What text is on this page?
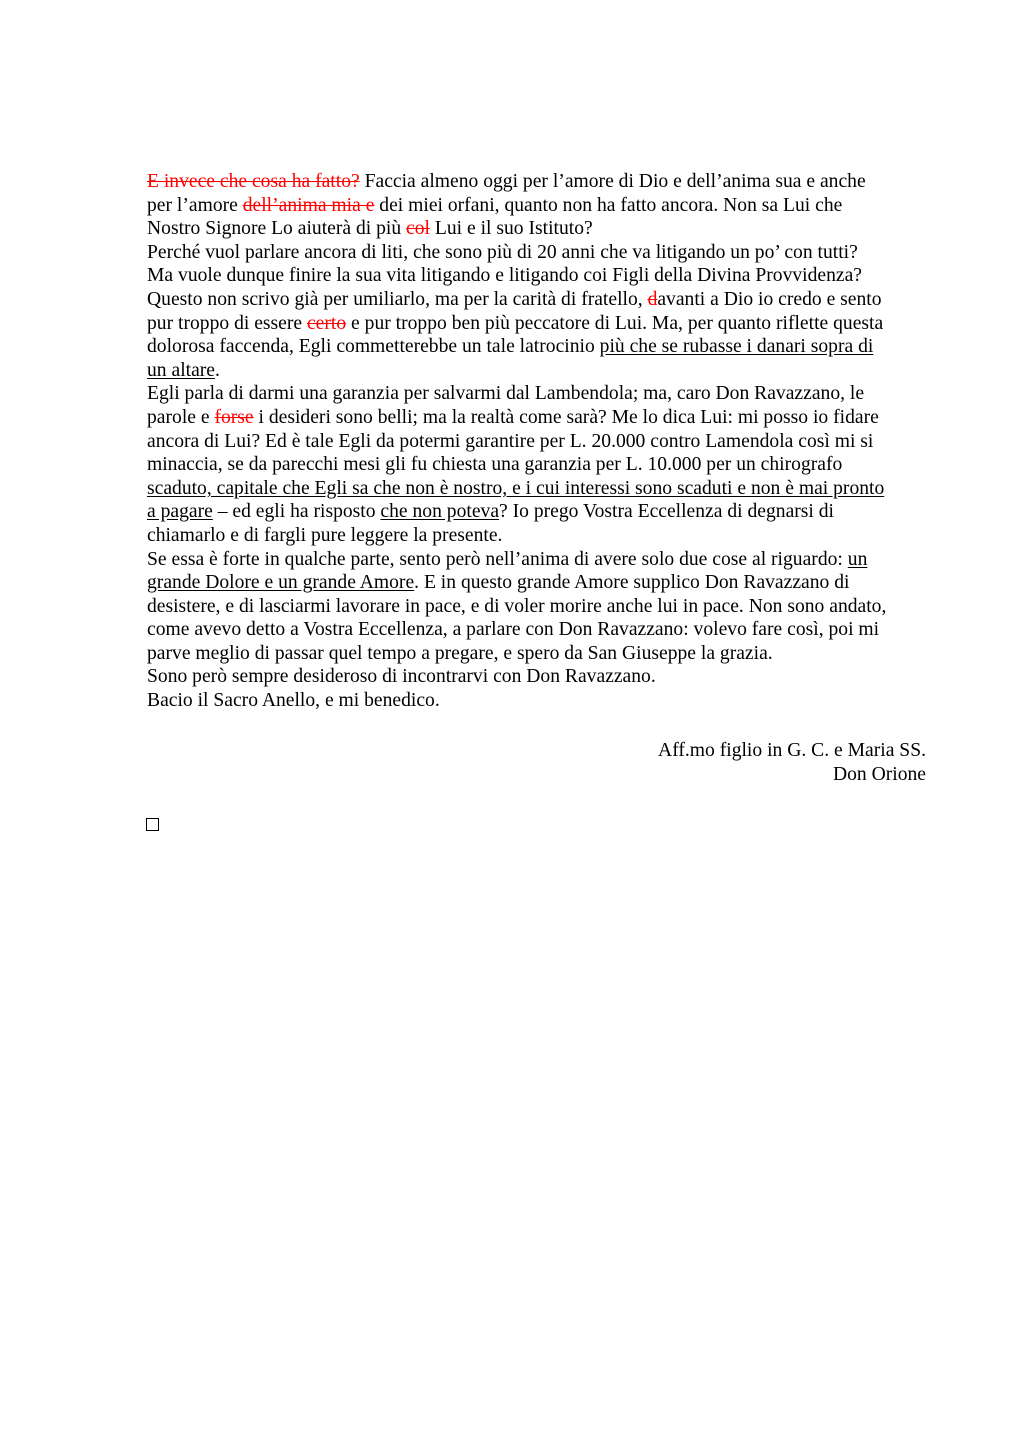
E invece che cosa ha fatto? Faccia almeno oggi per l’amore di Dio e dell’anima sua e anche
per l’amore dell’anima mia e dei miei orfani, quanto non ha fatto ancora. Non sa Lui che
Nostro Signore Lo aiuterà di più col Lui e il suo Istituto?
Perché vuol parlare ancora di liti, che sono più di 20 anni che va litigando un po’ con tutti?
Ma vuole dunque finire la sua vita litigando e litigando coi Figli della Divina Provvidenza?
Questo non scrivo già per umiliarlo, ma per la carità di fratello, davanti a Dio io credo e sento
pur troppo di essere certo e pur troppo ben più peccatore di Lui. Ma, per quanto riflette questa
dolorosa faccenda, Egli commetterebbe un tale latrocinio più che se rubasse i danari sopra di
un altare.
Egli parla di darmi una garanzia per salvarmi dal Lambendola; ma, caro Don Ravazzano, le
parole e forse i desideri sono belli; ma la realtà come sarà? Me lo dica Lui: mi posso io fidare
ancora di Lui? Ed è tale Egli da potermi garantire per L. 20.000 contro Lamendola così mi si
minaccia, se da parecchi mesi gli fu chiesta una garanzia per L. 10.000 per un chirografo
scaduto, capitale che Egli sa che non è nostro, e i cui interessi sono scaduti e non è mai pronto
a pagare – ed egli ha risposto che non poteva? Io prego Vostra Eccellenza di degnarsi di
chiamarlo e di fargli pure leggere la presente.
Se essa è forte in qualche parte, sento però nell’anima di avere solo due cose al riguardo: un
grande Dolore e un grande Amore. E in questo grande Amore supplico Don Ravazzano di
desistere, e di lasciarmi lavorare in pace, e di voler morire anche lui in pace. Non sono andato,
come avevo detto a Vostra Eccellenza, a parlare con Don Ravazzano: volevo fare così, poi mi
parve meglio di passar quel tempo a pregare, e spero da San Giuseppe la grazia.
Sono però sempre desideroso di incontrarvi con Don Ravazzano.
Bacio il Sacro Anello, e mi benedico.
Aff.mo figlio in G. C. e Maria SS.
Don Orione
